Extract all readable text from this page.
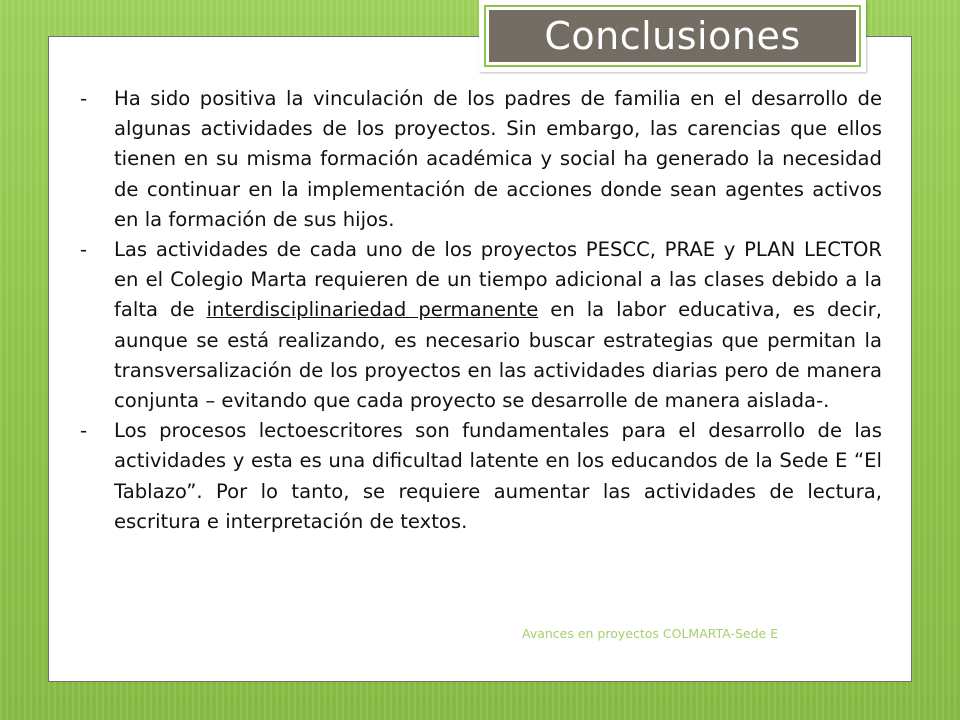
Conclusiones
-	Ha sido positiva la vinculación de los padres de familia en el desarrollo de algunas actividades de los proyectos. Sin embargo, las carencias que ellos tienen en su misma formación académica y social ha generado la necesidad de continuar en la implementación de acciones donde sean agentes activos en la formación de sus hijos.
-	Las actividades de cada uno de los proyectos PESCC, PRAE y PLAN LECTOR en el Colegio Marta requieren de un tiempo adicional a las clases debido a la falta de interdisciplinariedad permanente en la labor educativa, es decir, aunque se está realizando, es necesario buscar estrategias que permitan la transversalización de los proyectos en las actividades diarias pero de manera conjunta – evitando que cada proyecto se desarrolle de manera aislada-.
-	Los procesos lectoescritores son fundamentales para el desarrollo de las actividades y esta es una dificultad latente en los educandos de la Sede E “El Tablazo”. Por lo tanto, se requiere aumentar las actividades de lectura, escritura e interpretación de textos.
Avances en proyectos COLMARTA-Sede E
